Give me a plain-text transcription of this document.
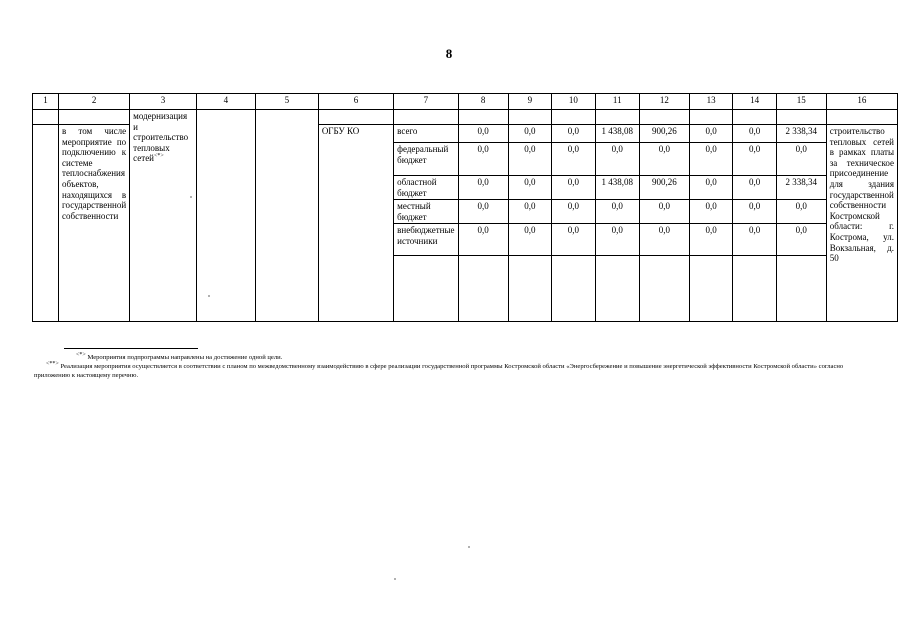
8
1	2	3	4	5	6	7	8	9	10	11	12	13	14	15	16
		модернизация и строительство тепловых сетей<*>													
	в том числе мероприятие по подключению к системе теплоснабжения объектов, находящихся в государственной собственности				ОГБУ КО	всего	0,0	0,0	0,0	1 438,08	900,26	0,0	0,0	2 338,34	строительство тепловых сетей в рамках платы за техническое присоединение для здания государственной собственности Костромской области: г. Кострома, ул. Вокзальная, д. 50
						федеральный бюджет	0,0	0,0	0,0	0,0	0,0	0,0	0,0	0,0	
						областной бюджет	0,0	0,0	0,0	1 438,08	900,26	0,0	0,0	2 338,34	
						местный бюджет	0,0	0,0	0,0	0,0	0,0	0,0	0,0	0,0	
						внебюджетные источники	0,0	0,0	0,0	0,0	0,0	0,0	0,0	0,0	

<*> Мероприятия подпрограммы направлены на достижение одной цели.

<**> Реализация мероприятия осуществляется в соответствии с планом по межведомственному взаимодействию в сфере реализации государственной программы Костромской области «Энергосбережение и повышение энергетической эффективности Костромской области» согласно приложению к настоящему перечню.
